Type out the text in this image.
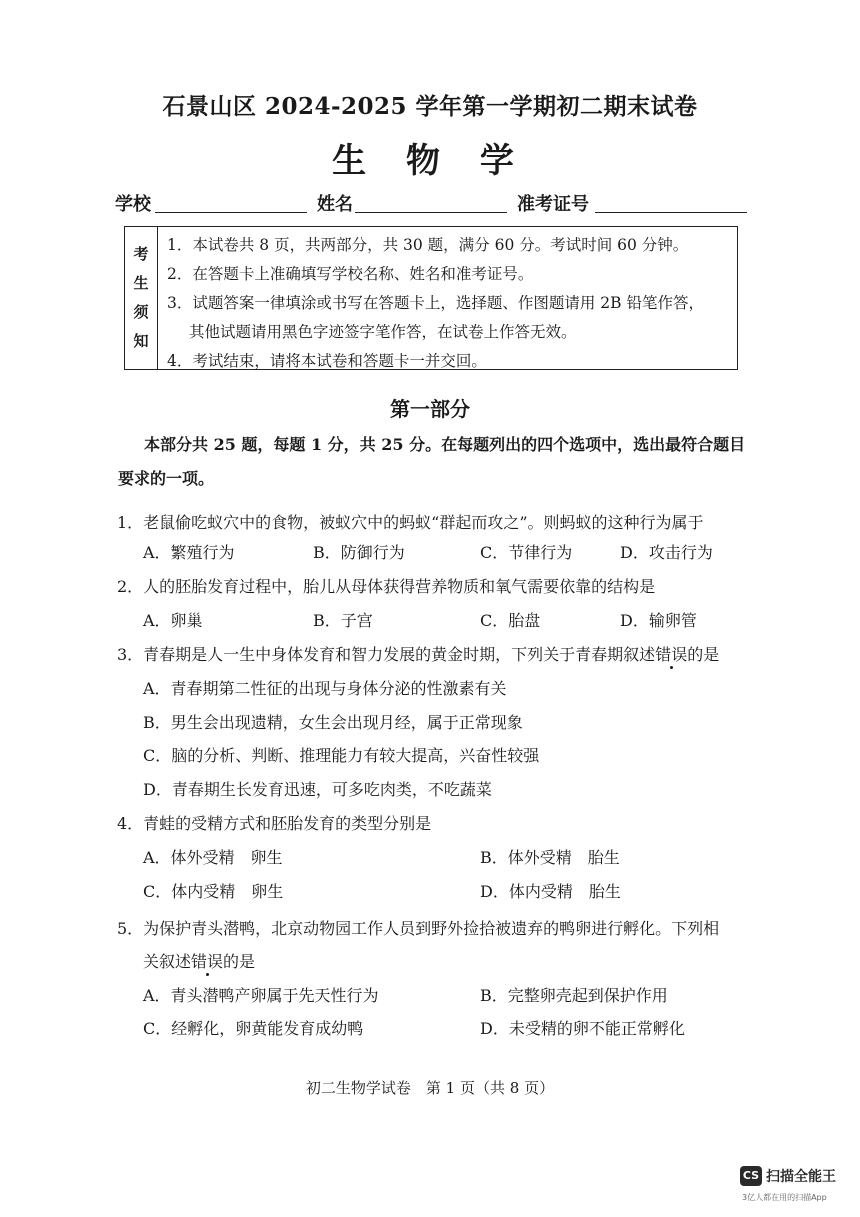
石景山区 2024-2025 学年第一学期初二期末试卷
生 物 学
学校	姓名	准考证号
考
生
须
知
1．本试卷共 8 页，共两部分，共 30 题，满分 60 分。考试时间 60 分钟。
2．在答题卡上准确填写学校名称、姓名和准考证号。
3．试题答案一律填涂或书写在答题卡上，选择题、作图题请用 2B 铅笔作答，
其他试题请用黑色字迹签字笔作答，在试卷上作答无效。
4．考试结束，请将本试卷和答题卡一并交回。
第一部分
本部分共 25 题，每题 1 分，共 25 分。在每题列出的四个选项中，选出最符合题目要求的一项。
1．老鼠偷吃蚁穴中的食物，被蚁穴中的蚂蚁“群起而攻之”。则蚂蚁的这种行为属于
A．繁殖行为	B．防御行为	C．节律行为	D．攻击行为
2．人的胚胎发育过程中，胎儿从母体获得营养物质和氧气需要依靠的结构是
A．卵巢	B．子宫	C．胎盘	D．输卵管
3．青春期是人一生中身体发育和智力发展的黄金时期，下列关于青春期叙述错误的是
A．青春期第二性征的出现与身体分泌的性激素有关
B．男生会出现遗精，女生会出现月经，属于正常现象
C．脑的分析、判断、推理能力有较大提高，兴奋性较强
D．青春期生长发育迅速，可多吃肉类，不吃蔬菜
4．青蛙的受精方式和胚胎发育的类型分别是
A．体外受精　卵生	B．体外受精　胎生
C．体内受精　卵生	D．体内受精　胎生
5．为保护青头潜鸭，北京动物园工作人员到野外捡拾被遗弃的鸭卵进行孵化。下列相
关叙述错误的是
A．青头潜鸭产卵属于先天性行为	B．完整卵壳起到保护作用
C．经孵化，卵黄能发育成幼鸭	D．未受精的卵不能正常孵化
初二生物学试卷　第 1 页（共 8 页）
CS 扫描全能王
3亿人都在用的扫描App
